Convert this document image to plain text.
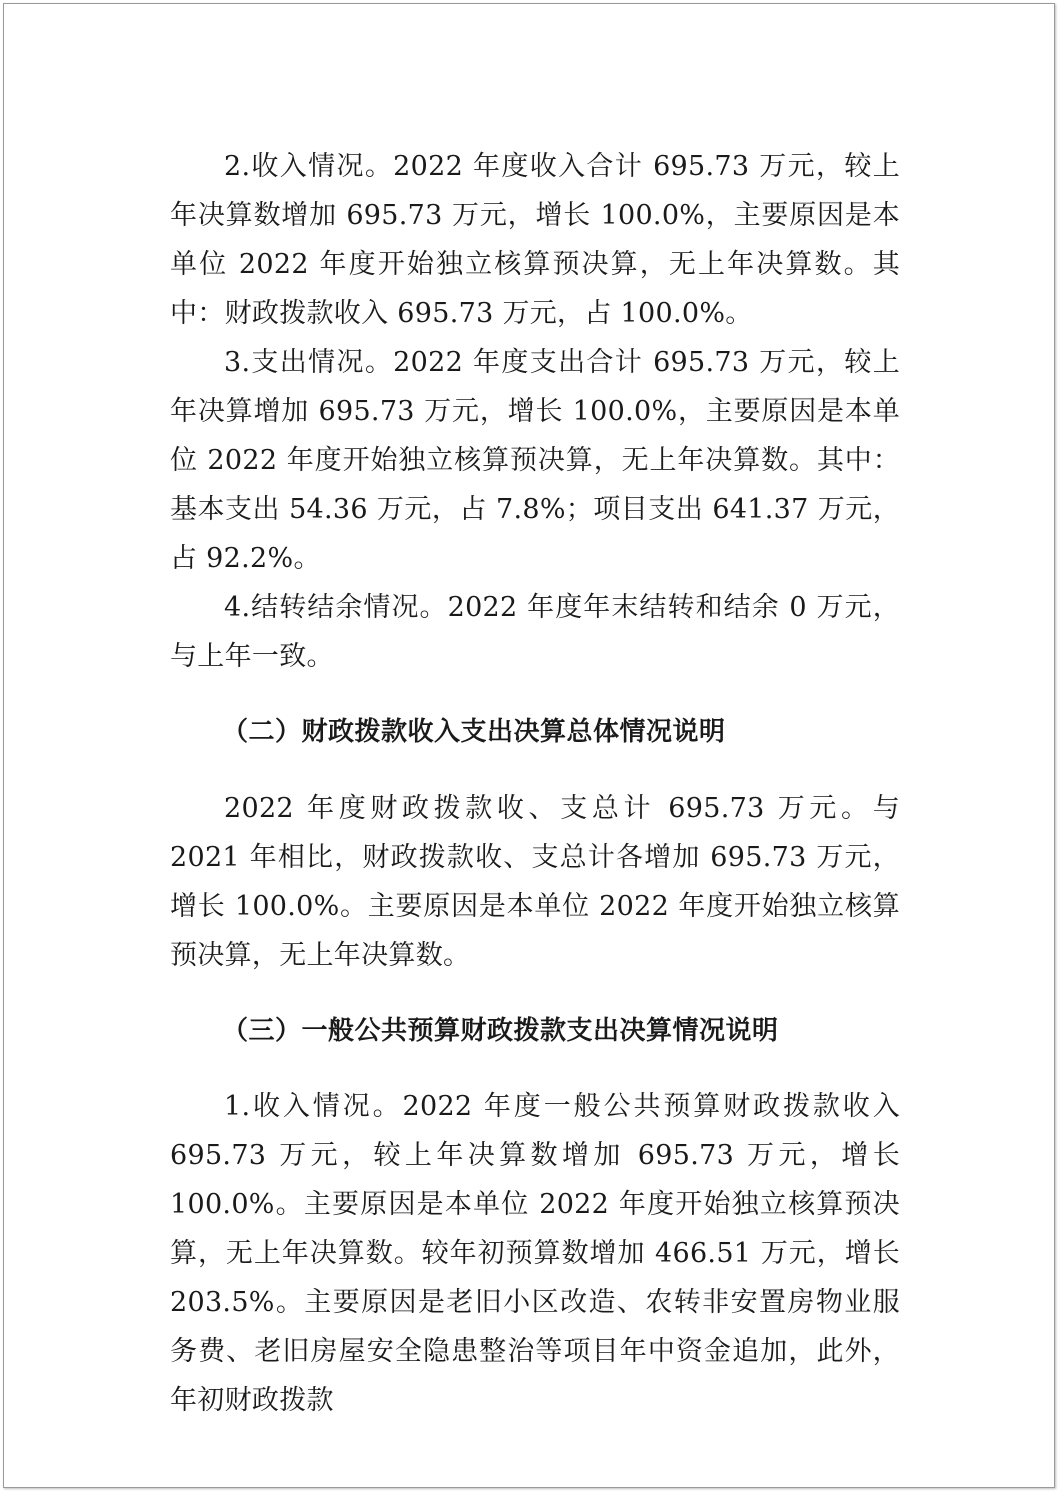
2.收入情况。2022 年度收入合计 695.73 万元，较上年决算数增加 695.73 万元，增长 100.0%，主要原因是本单位 2022 年度开始独立核算预决算，无上年决算数。其中：财政拨款收入 695.73 万元，占 100.0%。

3.支出情况。2022 年度支出合计 695.73 万元，较上年决算增加 695.73 万元，增长 100.0%，主要原因是本单位 2022 年度开始独立核算预决算，无上年决算数。其中：基本支出 54.36 万元，占 7.8%；项目支出 641.37 万元，占 92.2%。

4.结转结余情况。2022 年度年末结转和结余 0 万元，与上年一致。

（二）财政拨款收入支出决算总体情况说明

2022 年度财政拨款收、支总计 695.73 万元。与 2021 年相比，财政拨款收、支总计各增加 695.73 万元，增长 100.0%。主要原因是本单位 2022 年度开始独立核算预决算，无上年决算数。

（三）一般公共预算财政拨款支出决算情况说明

1.收入情况。2022 年度一般公共预算财政拨款收入 695.73 万元，较上年决算数增加 695.73 万元，增长 100.0%。主要原因是本单位 2022 年度开始独立核算预决算，无上年决算数。较年初预算数增加 466.51 万元，增长 203.5%。主要原因是老旧小区改造、农转非安置房物业服务费、老旧房屋安全隐患整治等项目年中资金追加，此外，年初财政拨款
